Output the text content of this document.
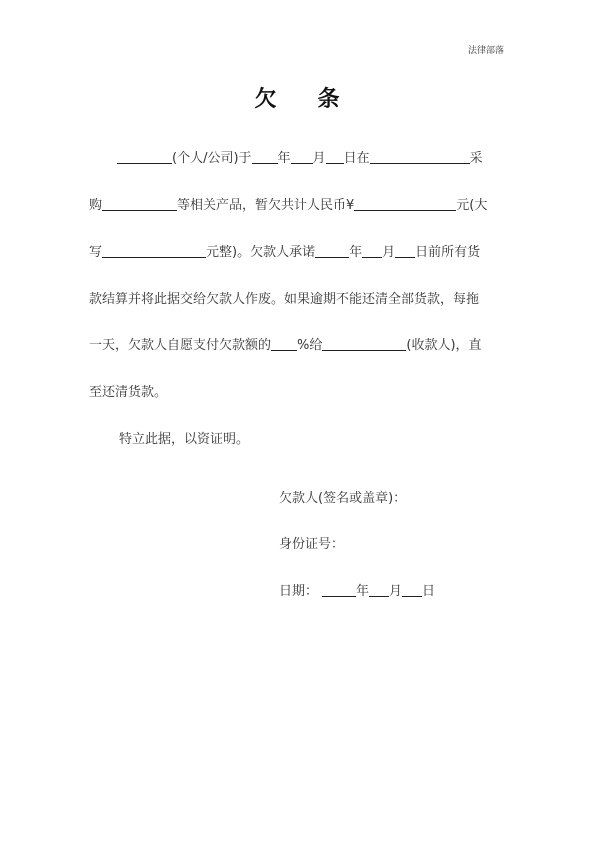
法律部落
欠 条
(个人/公司)于 年 月 日在	采
购	等相关产品，暂欠共计人民币¥	元(大
写	元整)。欠款人承诺	年 月 日前所有货
款结算并将此据交给欠款人作废。如果逾期不能还清全部货款，每拖
一天，欠款人自愿支付欠款额的 %给	(收款人)，直
至还清货款。
特立此据，以资证明。
欠款人(签名或盖章)：
身份证号：
日期：	年 月 日
